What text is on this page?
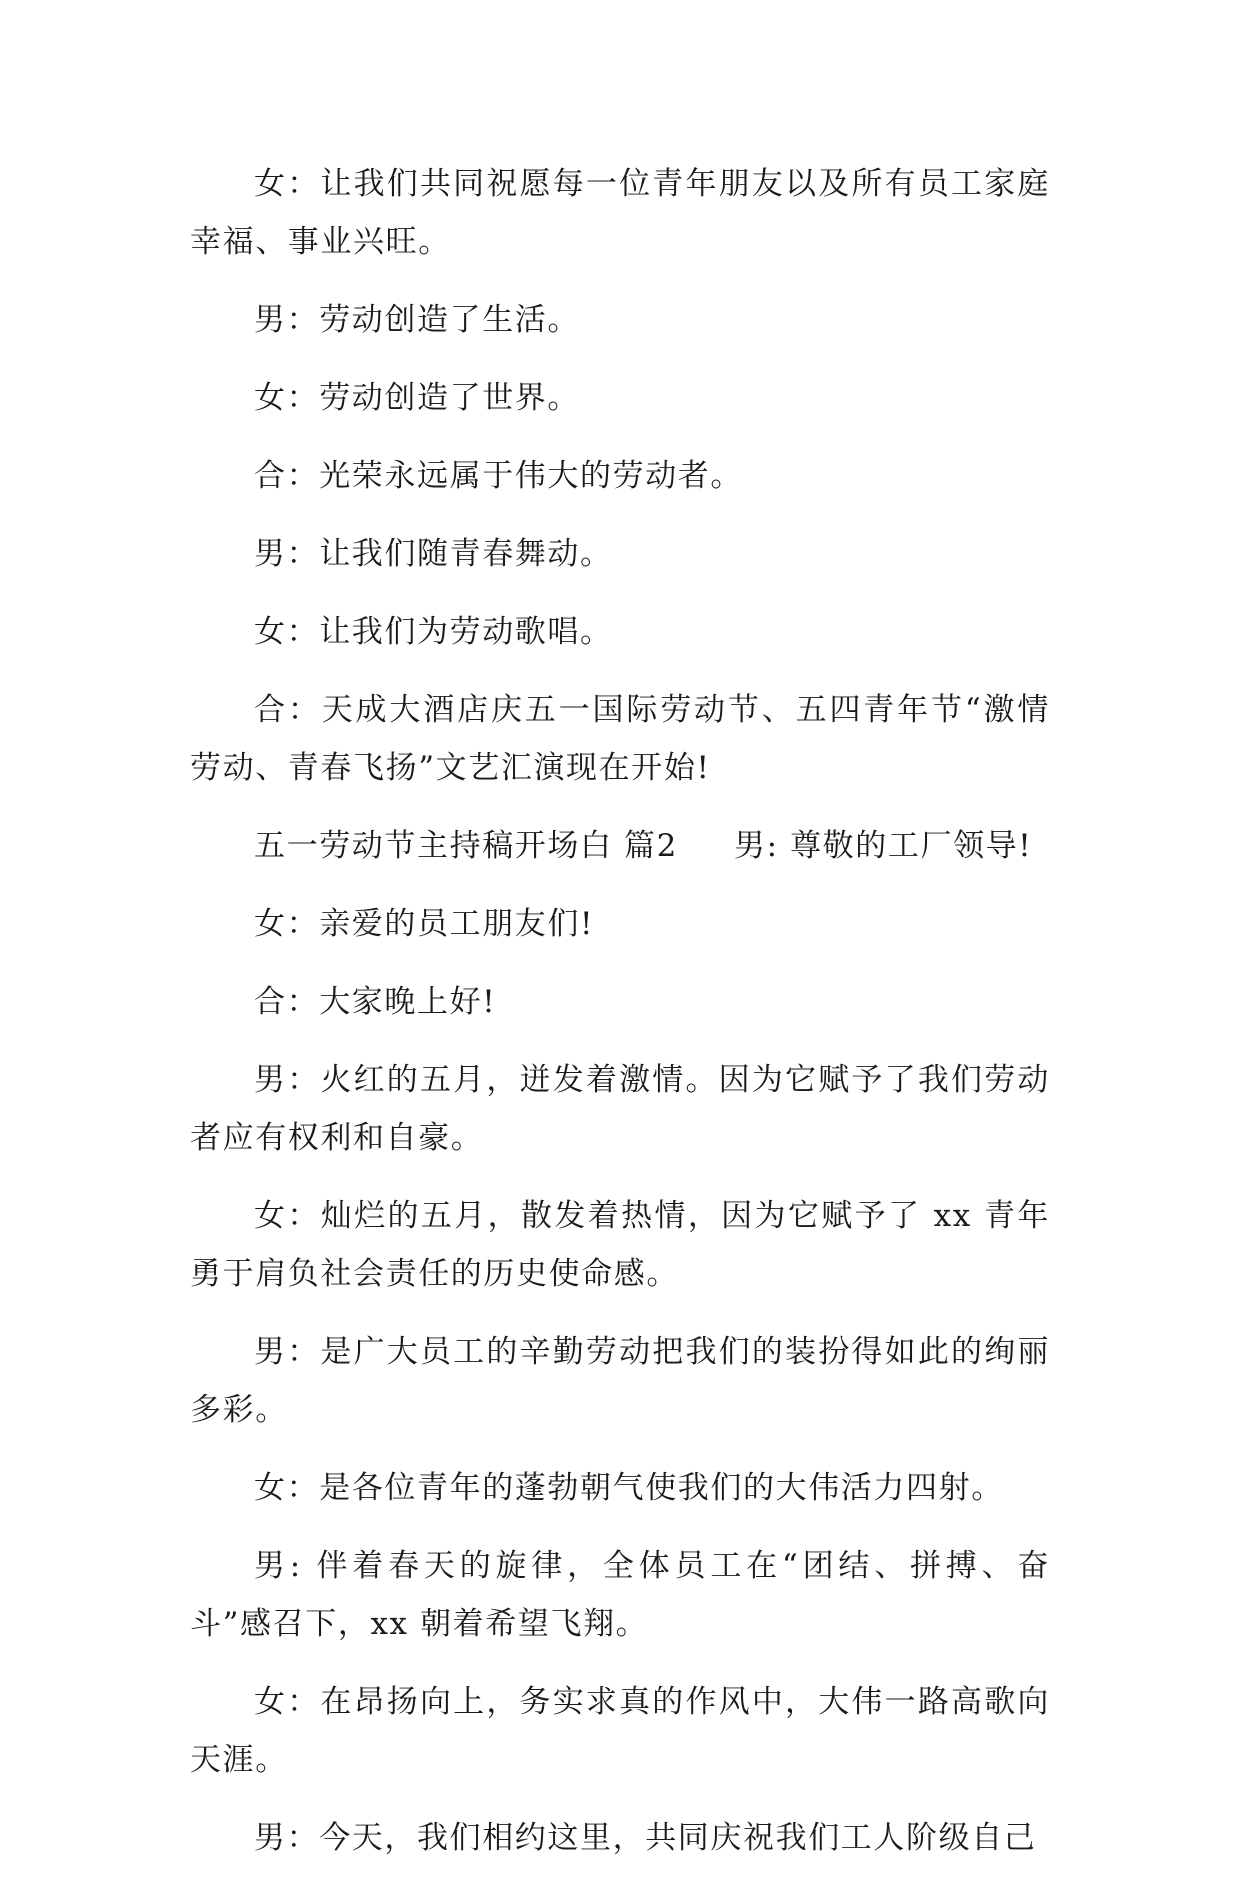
女：让我们共同祝愿每一位青年朋友以及所有员工家庭幸福、事业兴旺。

男：劳动创造了生活。

女：劳动创造了世界。

合：光荣永远属于伟大的劳动者。

男：让我们随青春舞动。

女：让我们为劳动歌唱。

合：天成大酒店庆五一国际劳动节、五四青年节“激情劳动、青春飞扬”文艺汇演现在开始!

五一劳动节主持稿开场白 篇2 男: 尊敬的工厂领导!

女：亲爱的员工朋友们!

合：大家晚上好!

男：火红的五月，迸发着激情。因为它赋予了我们劳动者应有权利和自豪。

女：灿烂的五月，散发着热情，因为它赋予了 xx 青年勇于肩负社会责任的历史使命感。

男：是广大员工的辛勤劳动把我们的装扮得如此的绚丽多彩。

女：是各位青年的蓬勃朝气使我们的大伟活力四射。

男: 伴着春天的旋律，全体员工在“团结、拼搏、奋斗”感召下，xx 朝着希望飞翔。

女：在昂扬向上，务实求真的作风中，大伟一路高歌向天涯。

男：今天，我们相约这里，共同庆祝我们工人阶级自己
